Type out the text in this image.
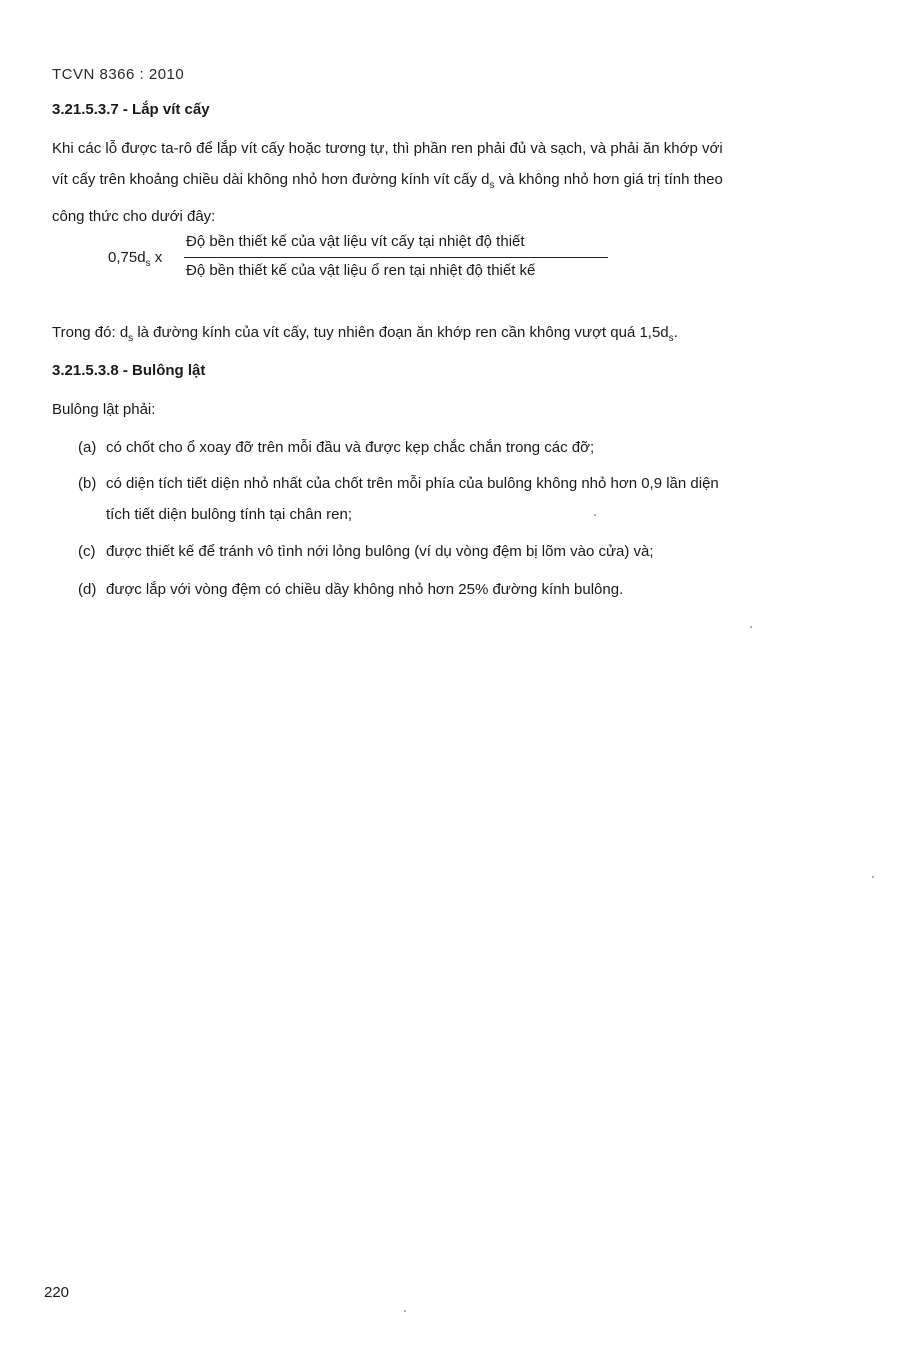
TCVN 8366 : 2010
3.21.5.3.7 - Lắp vít cấy
Khi các lỗ được ta-rô để lắp vít cấy hoặc tương tự, thì phần ren phải đủ và sạch, và phải ăn khớp với
vít cấy trên khoảng chiều dài không nhỏ hơn đường kính vít cấy $d_s$ và không nhỏ hơn giá trị tính theo
công thức cho dưới đây:
$0,75d_s$ x
Độ bền thiết kế của vật liệu vít cấy tại nhiệt độ thiết
Độ bền thiết kế của vật liệu ổ ren tại nhiệt độ thiết kế
Trong đó: $d_s$ là đường kính của vít cấy, tuy nhiên đoạn ăn khớp ren cần không vượt quá $1,5d_s$.
3.21.5.3.8 - Bulông lật
Bulông lật phải:
(a) có chốt cho ổ xoay đỡ trên mỗi đầu và được kẹp chắc chắn trong các đỡ;
(b) có diện tích tiết diện nhỏ nhất của chốt trên mỗi phía của bulông không nhỏ hơn 0,9 lần diện
tích tiết diện bulông tính tại chân ren;
(c) được thiết kế để tránh vô tình nới lỏng bulông (ví dụ vòng đệm bị lõm vào cửa) và;
(d) được lắp với vòng đệm có chiều dầy không nhỏ hơn 25% đường kính bulông.
220
